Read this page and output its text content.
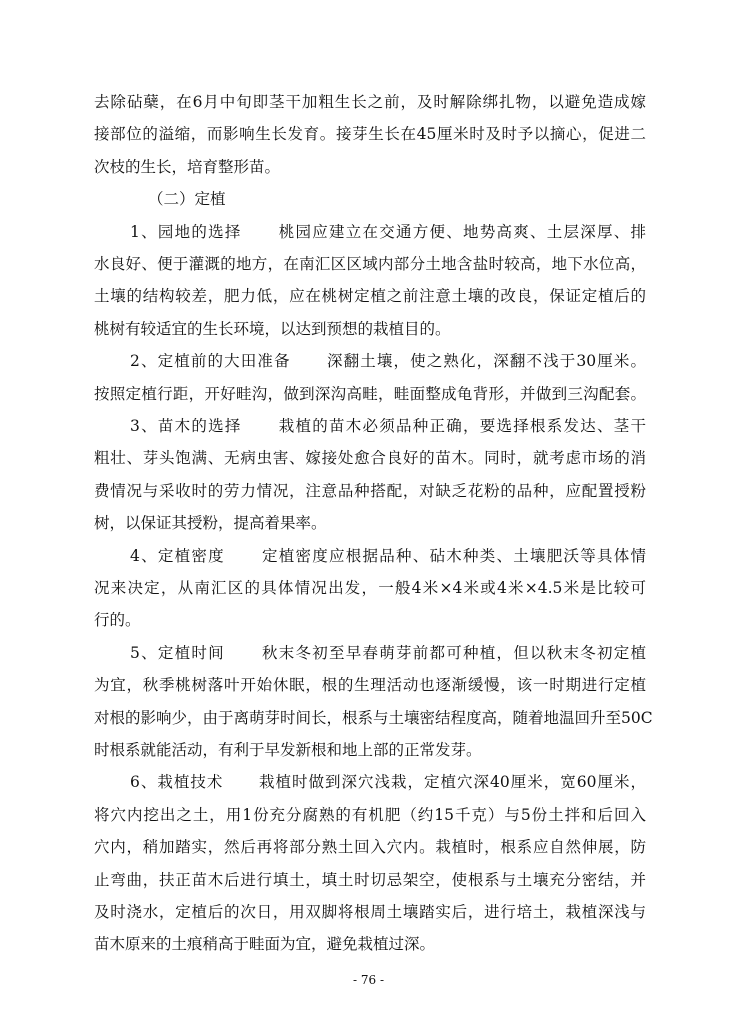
去除砧蘖，在6月中旬即茎干加粗生长之前，及时解除绑扎物，以避免造成嫁
接部位的溢缩，而影响生长发育。接芽生长在45厘米时及时予以摘心，促进二
次枝的生长，培育整形苗。
（二）定植
1、园地的选择      桃园应建立在交通方便、地势高爽、土层深厚、排
水良好、便于灌溉的地方，在南汇区区域内部分土地含盐时较高，地下水位高，
土壤的结构较差，肥力低，应在桃树定植之前注意土壤的改良，保证定植后的
桃树有较适宜的生长环境，以达到预想的栽植目的。
2、定植前的大田准备      深翻土壤，使之熟化，深翻不浅于30厘米。
按照定植行距，开好畦沟，做到深沟高畦，畦面整成龟背形，并做到三沟配套。
3、苗木的选择      栽植的苗木必须品种正确，要选择根系发达、茎干
粗壮、芽头饱满、无病虫害、嫁接处愈合良好的苗木。同时，就考虑市场的消
费情况与采收时的劳力情况，注意品种搭配，对缺乏花粉的品种，应配置授粉
树，以保证其授粉，提高着果率。
4、定植密度      定植密度应根据品种、砧木种类、土壤肥沃等具体情
况来决定，从南汇区的具体情况出发，一般4米×4米或4米×4.5米是比较可
行的。
5、定植时间      秋末冬初至早春萌芽前都可种植，但以秋末冬初定植
为宜，秋季桃树落叶开始休眠，根的生理活动也逐渐缓慢，该一时期进行定植
对根的影响少，由于离萌芽时间长，根系与土壤密结程度高，随着地温回升至50C
时根系就能活动，有利于早发新根和地上部的正常发芽。
6、栽植技术      栽植时做到深穴浅栽，定植穴深40厘米，宽60厘米，
将穴内挖出之土，用1份充分腐熟的有机肥（约15千克）与5份土拌和后回入
穴内，稍加踏实，然后再将部分熟土回入穴内。栽植时，根系应自然伸展，防
止弯曲，扶正苗木后进行填土，填土时切忌架空，使根系与土壤充分密结，并
及时浇水，定植后的次日，用双脚将根周土壤踏实后，进行培土，栽植深浅与
苗木原来的土痕稍高于畦面为宜，避免栽植过深。
- 76 -
